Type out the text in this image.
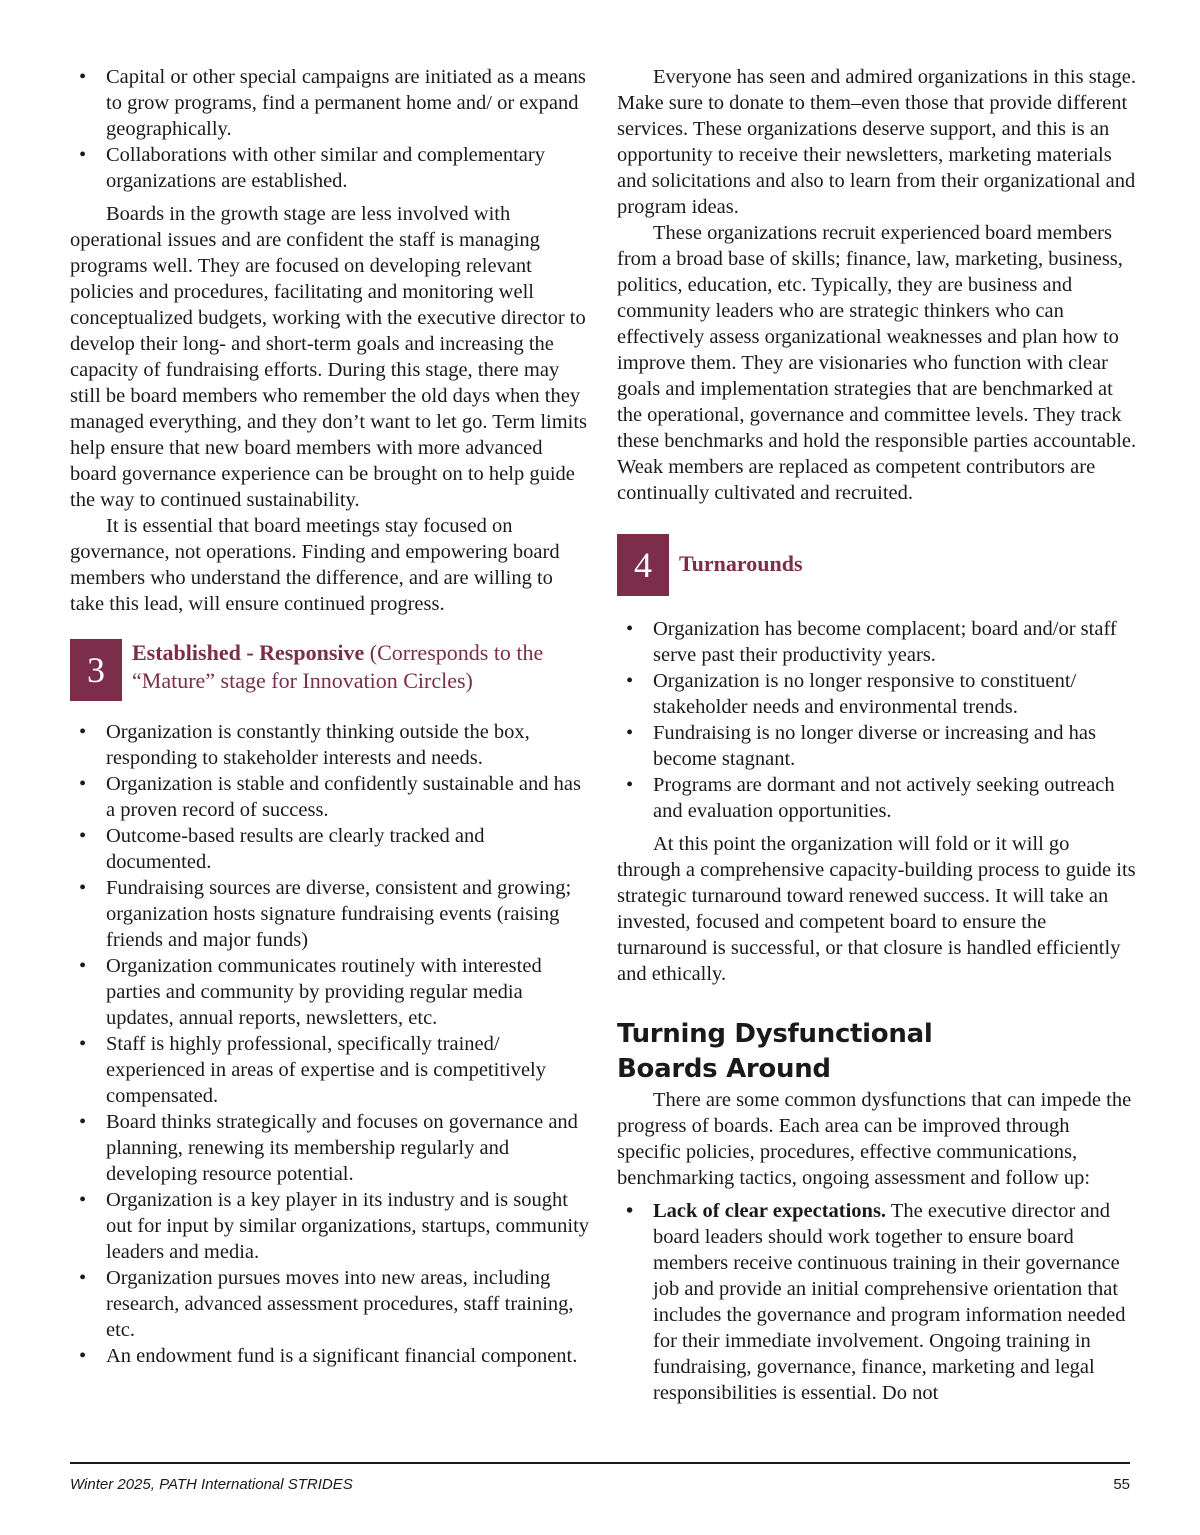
• Capital or other special campaigns are initiated as a means to grow programs, find a permanent home and/ or expand geographically.
• Collaborations with other similar and complementary organizations are established.

Boards in the growth stage are less involved with operational issues and are confident the staff is managing programs well. They are focused on developing relevant policies and procedures, facilitating and monitoring well conceptualized budgets, working with the executive director to develop their long- and short-term goals and increasing the capacity of fundraising efforts. During this stage, there may still be board members who remember the old days when they managed everything, and they don’t want to let go. Term limits help ensure that new board members with more advanced board governance experience can be brought on to help guide the way to continued sustainability.

It is essential that board meetings stay focused on governance, not operations. Finding and empowering board members who understand the difference, and are willing to take this lead, will ensure continued progress.

3	Established - Responsive (Corresponds to the “Mature” stage for Innovation Circles)
• Organization is constantly thinking outside the box, responding to stakeholder interests and needs.
• Organization is stable and confidently sustainable and has a proven record of success.
• Outcome-based results are clearly tracked and documented.
• Fundraising sources are diverse, consistent and growing; organization hosts signature fundraising events (raising friends and major funds)
• Organization communicates routinely with interested parties and community by providing regular media updates, annual reports, newsletters, etc.
• Staff is highly professional, specifically trained/ experienced in areas of expertise and is competitively compensated.
• Board thinks strategically and focuses on governance and planning, renewing its membership regularly and developing resource potential.
• Organization is a key player in its industry and is sought out for input by similar organizations, startups, community leaders and media.
• Organization pursues moves into new areas, including research, advanced assessment procedures, staff training, etc.
• An endowment fund is a significant financial component.

Everyone has seen and admired organizations in this stage. Make sure to donate to them–even those that provide different services. These organizations deserve support, and this is an opportunity to receive their newsletters, marketing materials and solicitations and also to learn from their organizational and program ideas.

These organizations recruit experienced board members from a broad base of skills; finance, law, marketing, business, politics, education, etc. Typically, they are business and community leaders who are strategic thinkers who can effectively assess organizational weaknesses and plan how to improve them. They are visionaries who function with clear goals and implementation strategies that are benchmarked at the operational, governance and committee levels. They track these benchmarks and hold the responsible parties accountable. Weak members are replaced as competent contributors are continually cultivated and recruited.

4	Turnarounds
• Organization has become complacent; board and/or staff serve past their productivity years.
• Organization is no longer responsive to constituent/ stakeholder needs and environmental trends.
• Fundraising is no longer diverse or increasing and has become stagnant.
• Programs are dormant and not actively seeking outreach and evaluation opportunities.

At this point the organization will fold or it will go through a comprehensive capacity-building process to guide its strategic turnaround toward renewed success. It will take an invested, focused and competent board to ensure the turnaround is successful, or that closure is handled efficiently and ethically.

Turning Dysfunctional
Boards Around

There are some common dysfunctions that can impede the progress of boards. Each area can be improved through specific policies, procedures, effective communications, benchmarking tactics, ongoing assessment and follow up:

• Lack of clear expectations. The executive director and board leaders should work together to ensure board members receive continuous training in their governance job and provide an initial comprehensive orientation that includes the governance and program information needed for their immediate involvement. Ongoing training in fundraising, governance, finance, marketing and legal responsibilities is essential. Do not
Winter 2025, PATH International STRIDES	55
